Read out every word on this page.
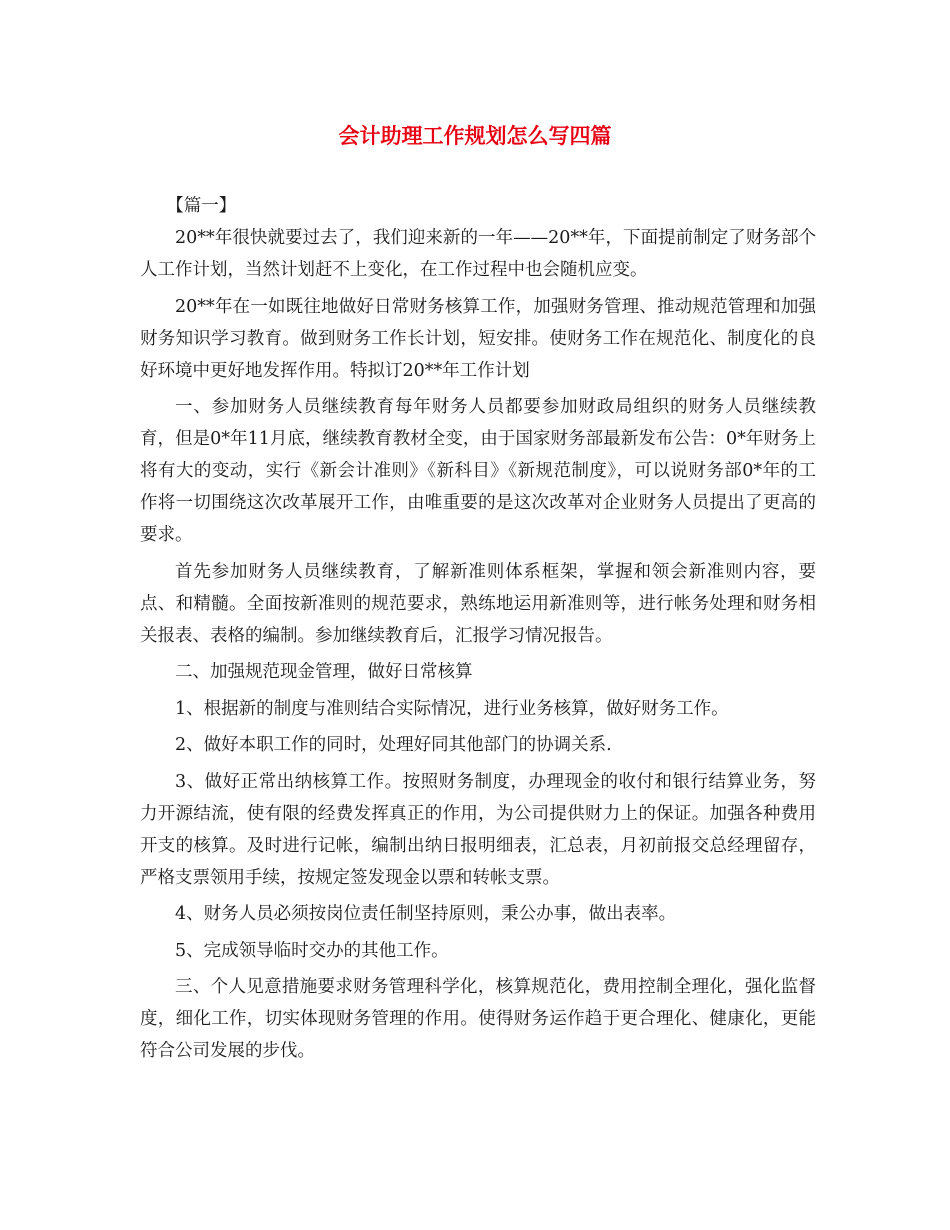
会计助理工作规划怎么写四篇

【篇一】

20**年很快就要过去了，我们迎来新的一年——20**年，下面提前制定了财务部个人工作计划，当然计划赶不上变化，在工作过程中也会随机应变。

20**年在一如既往地做好日常财务核算工作，加强财务管理、推动规范管理和加强财务知识学习教育。做到财务工作长计划，短安排。使财务工作在规范化、制度化的良好环境中更好地发挥作用。特拟订20**年工作计划

一、参加财务人员继续教育每年财务人员都要参加财政局组织的财务人员继续教育，但是0*年11月底，继续教育教材全变，由于国家财务部最新发布公告：0*年财务上将有大的变动，实行《新会计准则》《新科目》《新规范制度》，可以说财务部0*年的工作将一切围绕这次改革展开工作，由唯重要的是这次改革对企业财务人员提出了更高的要求。

首先参加财务人员继续教育，了解新准则体系框架，掌握和领会新准则内容，要点、和精髓。全面按新准则的规范要求，熟练地运用新准则等，进行帐务处理和财务相关报表、表格的编制。参加继续教育后，汇报学习情况报告。

二、加强规范现金管理，做好日常核算

1、根据新的制度与准则结合实际情况，进行业务核算，做好财务工作。

2、做好本职工作的同时，处理好同其他部门的协调关系.

3、做好正常出纳核算工作。按照财务制度，办理现金的收付和银行结算业务，努力开源结流，使有限的经费发挥真正的作用，为公司提供财力上的保证。加强各种费用开支的核算。及时进行记帐，编制出纳日报明细表，汇总表，月初前报交总经理留存，严格支票领用手续，按规定签发现金以票和转帐支票。

4、财务人员必须按岗位责任制坚持原则，秉公办事，做出表率。

5、完成领导临时交办的其他工作。

三、个人见意措施要求财务管理科学化，核算规范化，费用控制全理化，强化监督度，细化工作，切实体现财务管理的作用。使得财务运作趋于更合理化、健康化，更能符合公司发展的步伐。
